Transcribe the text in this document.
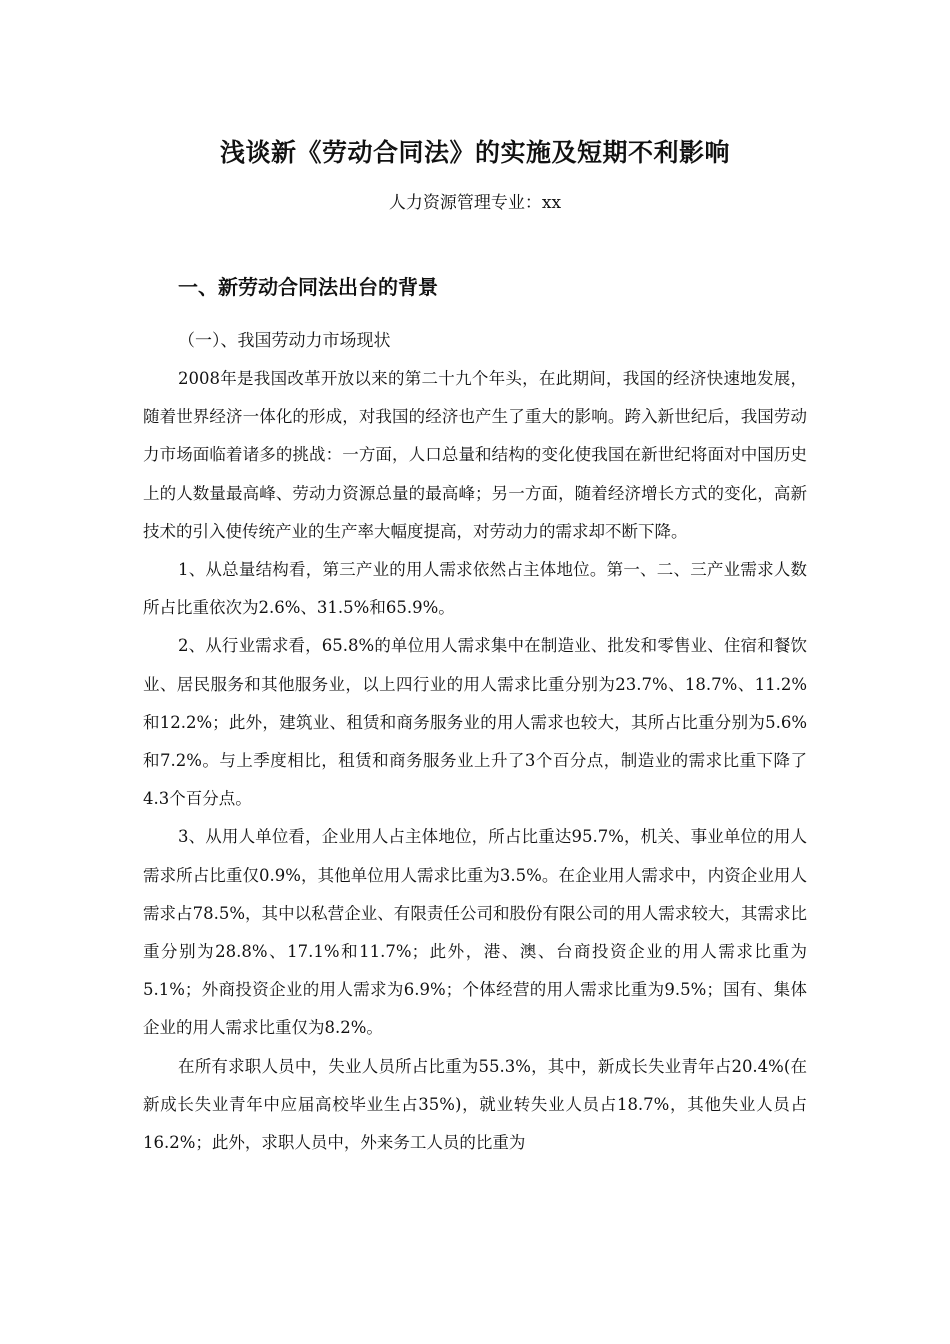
浅谈新《劳动合同法》的实施及短期不利影响

人力资源管理专业：xx

一、新劳动合同法出台的背景

（一）、我国劳动力市场现状

2008年是我国改革开放以来的第二十九个年头，在此期间，我国的经济快速地发展，随着世界经济一体化的形成，对我国的经济也产生了重大的影响。跨入新世纪后，我国劳动力市场面临着诸多的挑战：一方面，人口总量和结构的变化使我国在新世纪将面对中国历史上的人数量最高峰、劳动力资源总量的最高峰；另一方面，随着经济增长方式的变化，高新技术的引入使传统产业的生产率大幅度提高，对劳动力的需求却不断下降。

1、从总量结构看，第三产业的用人需求依然占主体地位。第一、二、三产业需求人数所占比重依次为2.6%、31.5%和65.9%。

2、从行业需求看，65.8%的单位用人需求集中在制造业、批发和零售业、住宿和餐饮业、居民服务和其他服务业，以上四行业的用人需求比重分别为23.7%、18.7%、11.2%和12.2%；此外，建筑业、租赁和商务服务业的用人需求也较大，其所占比重分别为5.6%和7.2%。与上季度相比，租赁和商务服务业上升了3个百分点，制造业的需求比重下降了4.3个百分点。

3、从用人单位看，企业用人占主体地位，所占比重达95.7%，机关、事业单位的用人需求所占比重仅0.9%，其他单位用人需求比重为3.5%。在企业用人需求中，内资企业用人需求占78.5%，其中以私营企业、有限责任公司和股份有限公司的用人需求较大，其需求比重分别为28.8%、17.1%和11.7%；此外，港、澳、台商投资企业的用人需求比重为5.1%；外商投资企业的用人需求为6.9%；个体经营的用人需求比重为9.5%；国有、集体企业的用人需求比重仅为8.2%。

在所有求职人员中，失业人员所占比重为55.3%，其中，新成长失业青年占20.4%(在新成长失业青年中应届高校毕业生占35%)，就业转失业人员占18.7%，其他失业人员占16.2%；此外，求职人员中，外来务工人员的比重为
